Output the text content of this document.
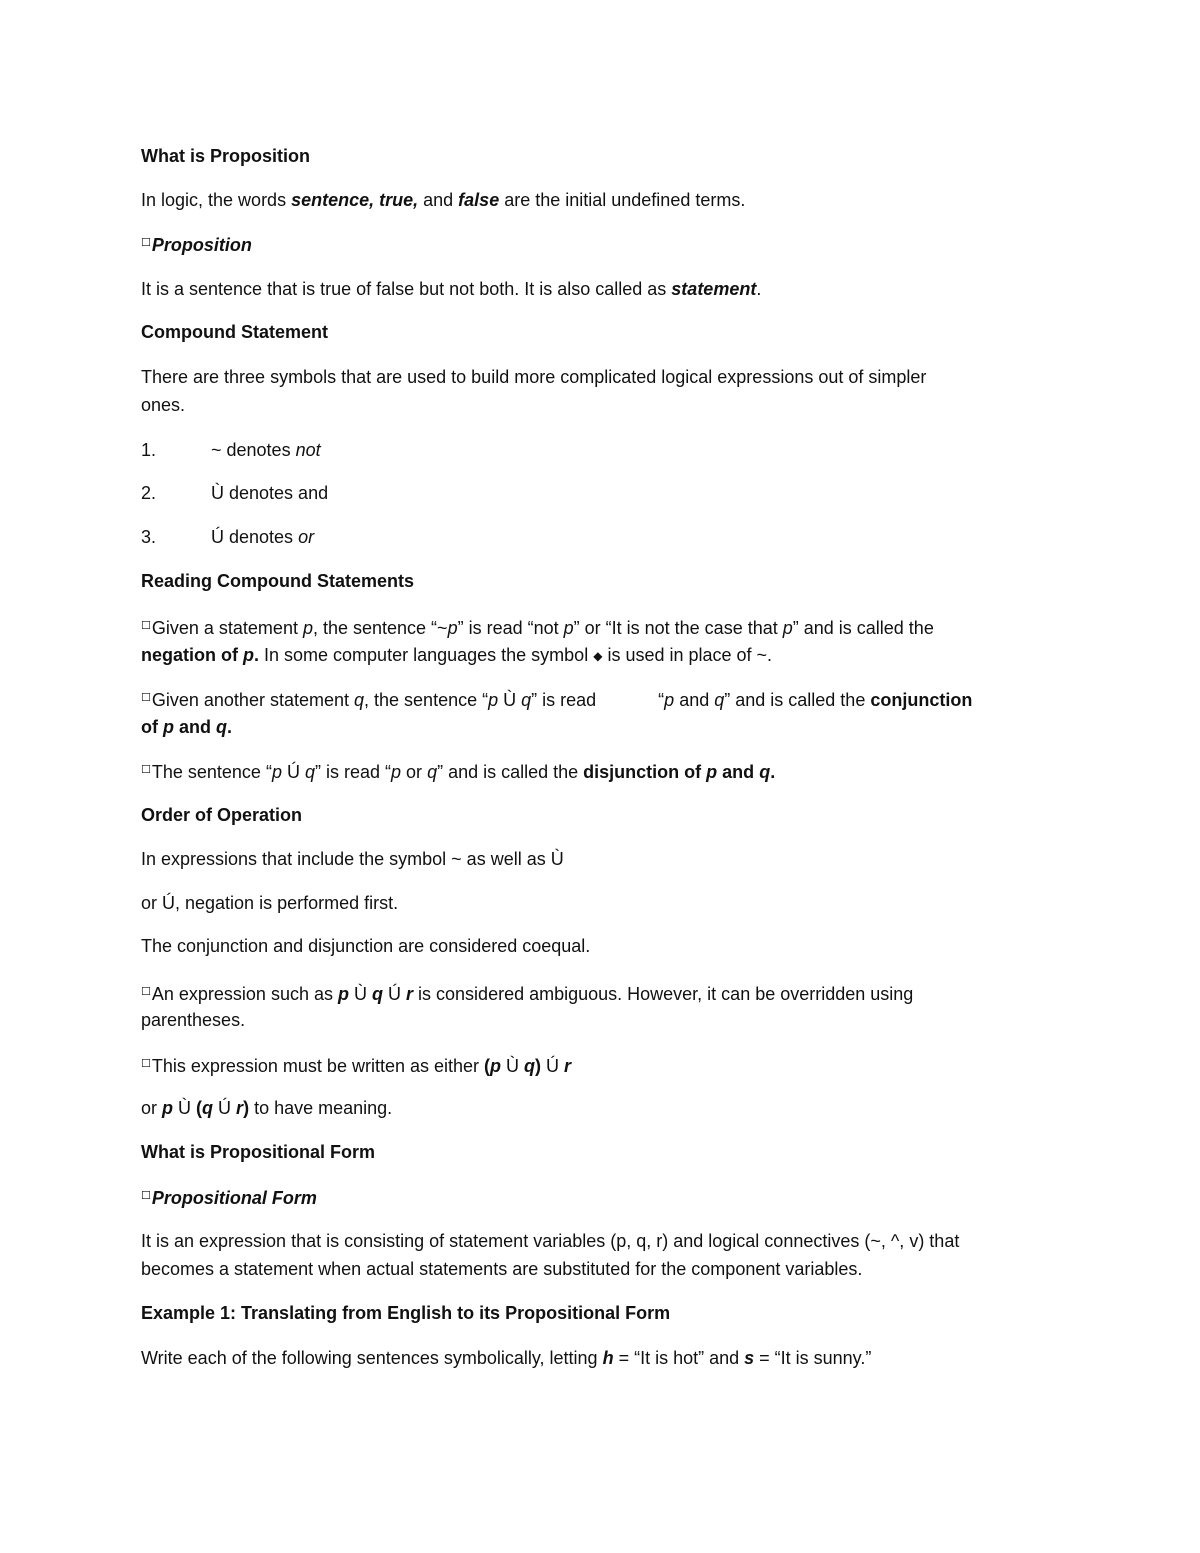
What is Proposition
In logic, the words sentence, true, and false are the initial undefined terms.
☐Proposition
It is a sentence that is true of false but not both. It is also called as statement.
Compound Statement
There are three symbols that are used to build more complicated logical expressions out of simpler
ones.
1.	~ denotes not
2.	Ù denotes and
3.	Ú denotes or
Reading Compound Statements
☐Given a statement p, the sentence “~p” is read “not p” or “It is not the case that p” and is called the
negation of p. In some computer languages the symbol ◆ is used in place of ~.
☐Given another statement q, the sentence “p Ù q” is read	“p and q” and is called the conjunction
of p and q.
☐The sentence “p Ú q” is read “p or q” and is called the disjunction of p and q.
Order of Operation
In expressions that include the symbol ~ as well as Ù
or Ú, negation is performed first.
The conjunction and disjunction are considered coequal.
☐An expression such as p Ù q Ú r is considered ambiguous. However, it can be overridden using
parentheses.
☐This expression must be written as either (p Ù q) Ú r
or p Ù (q Ú r) to have meaning.
What is Propositional Form
☐Propositional Form
It is an expression that is consisting of statement variables (p, q, r) and logical connectives (~, ^, v) that
becomes a statement when actual statements are substituted for the component variables.
Example 1: Translating from English to its Propositional Form
Write each of the following sentences symbolically, letting h = “It is hot” and s = “It is sunny.”
